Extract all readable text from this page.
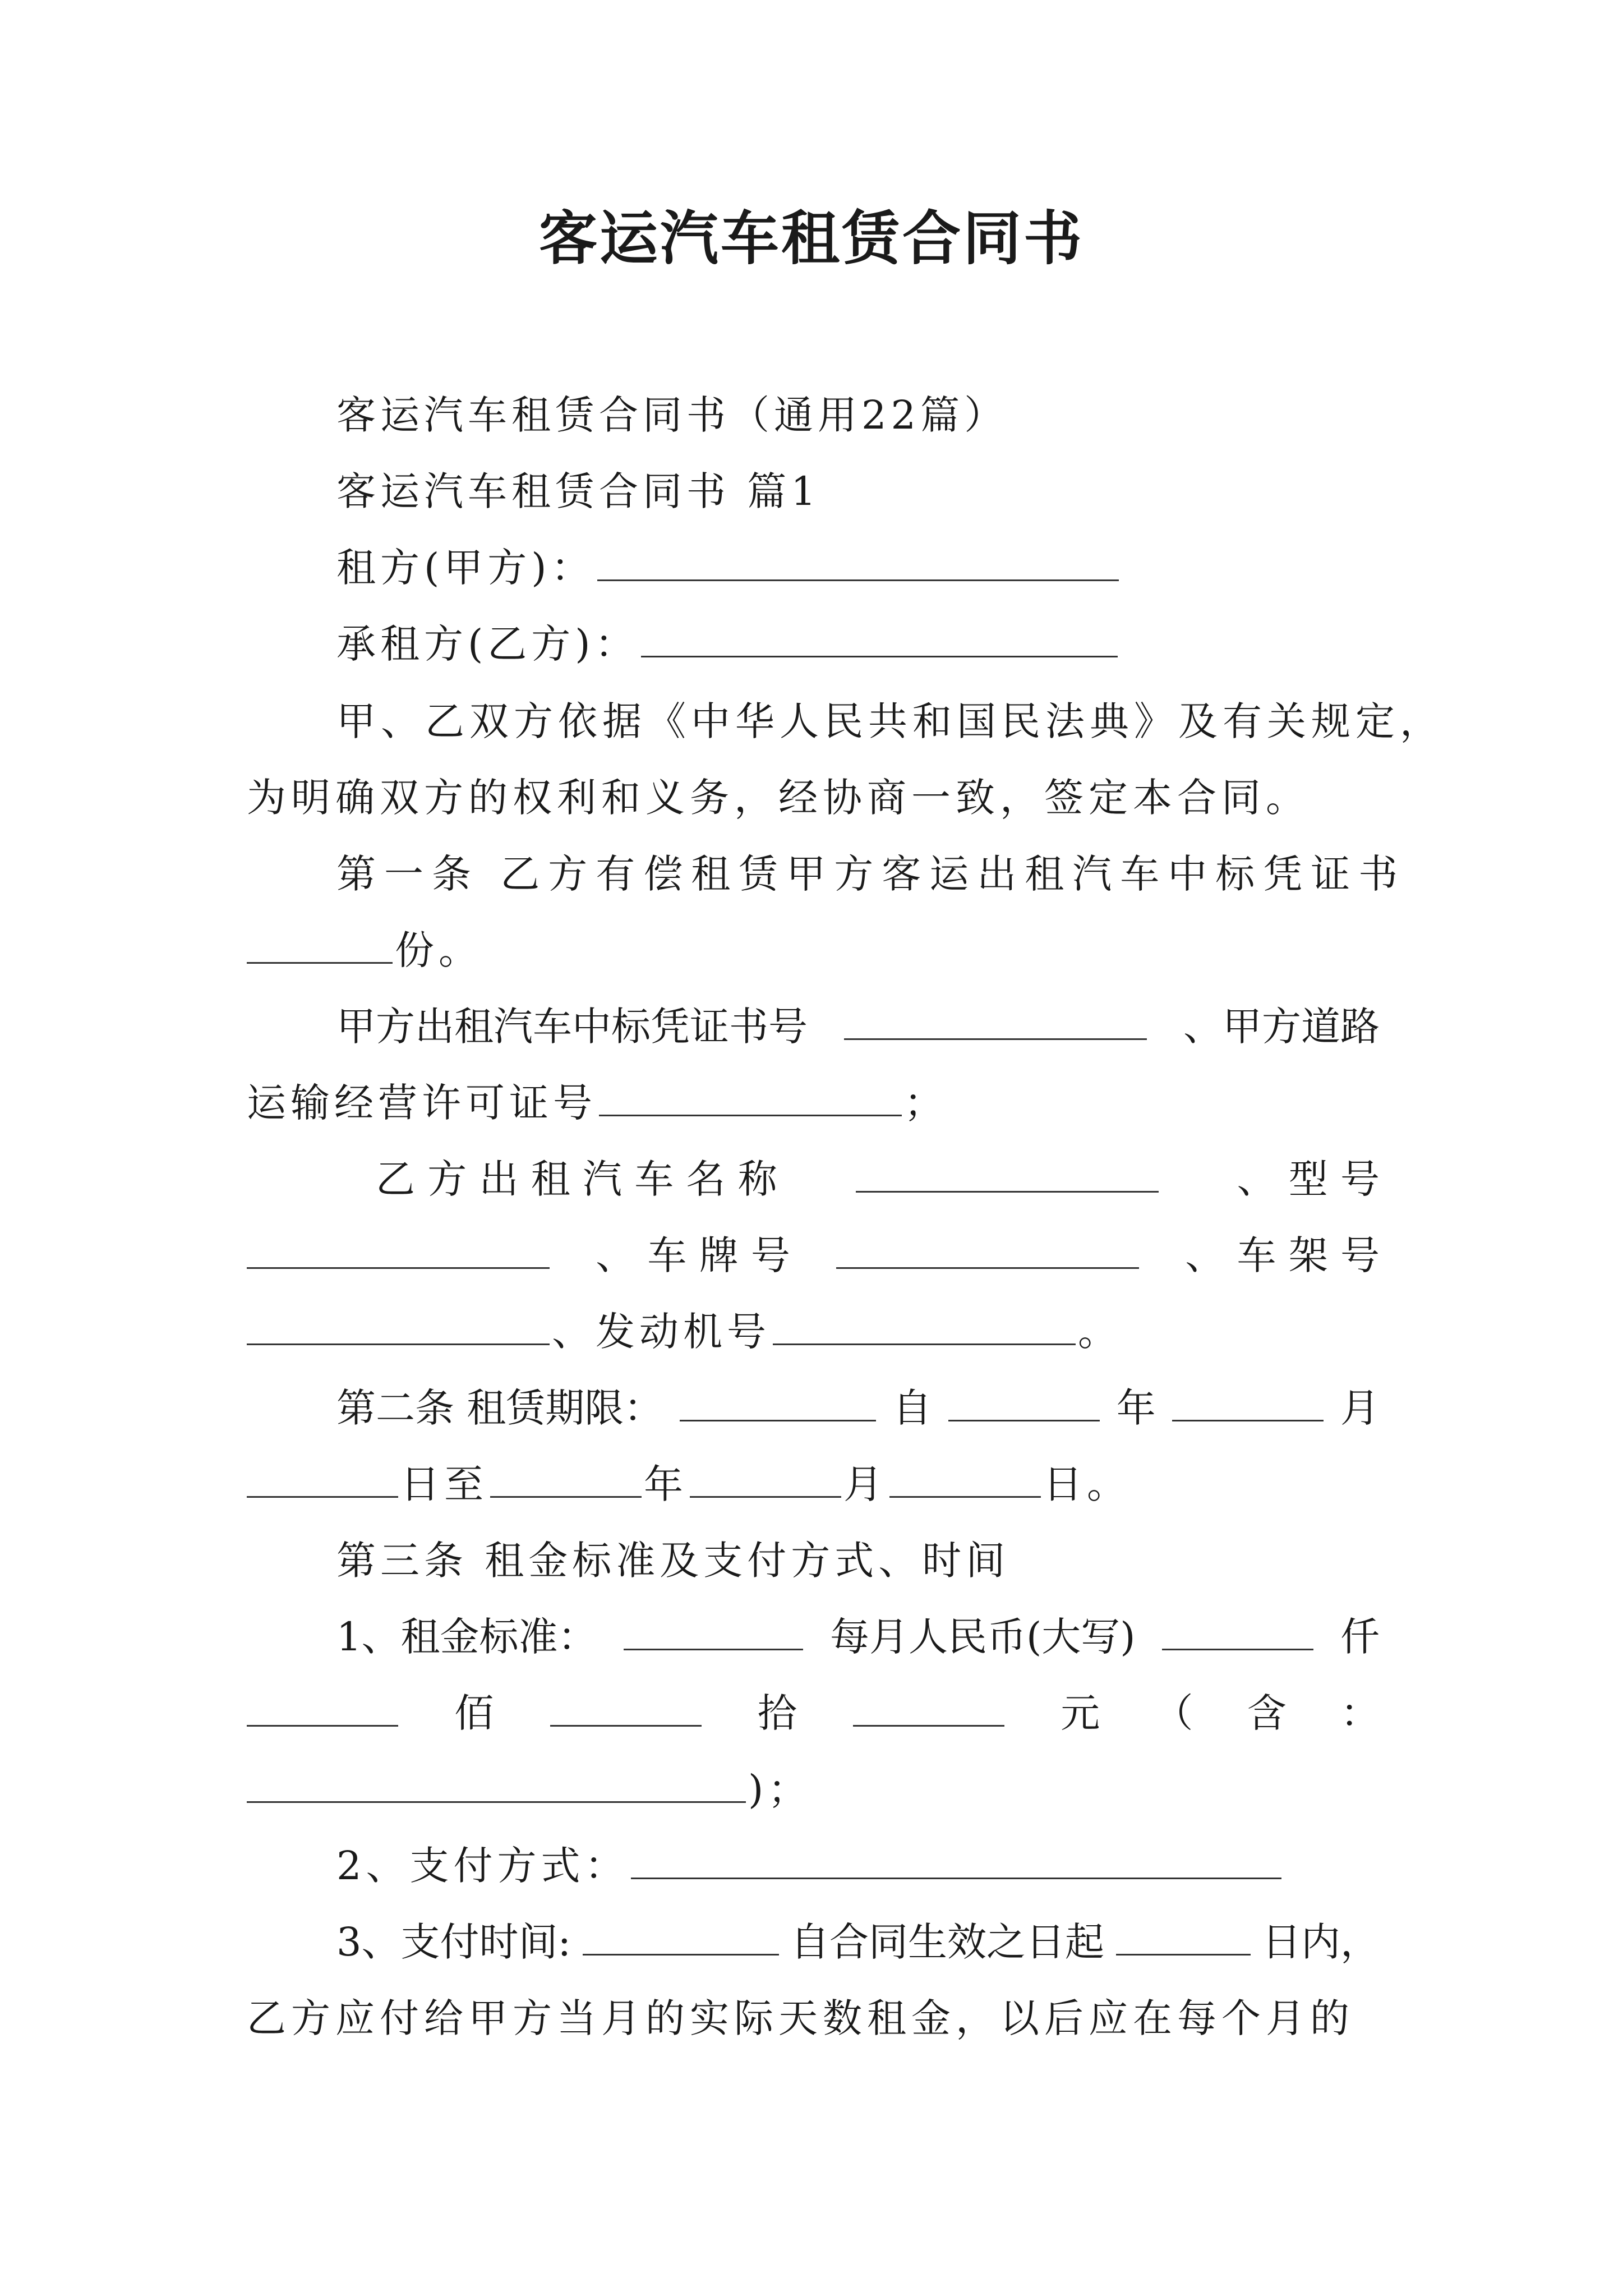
客运汽车租赁合同书
客运汽车租赁合同书（通用22篇）
客运汽车租赁合同书 篇1
租方(甲方)：
承租方(乙方)：
甲、乙双方依据《中华人民共和国民法典》及有关规定，
为明确双方的权利和义务，经协商一致，签定本合同。
第一条 乙方有偿租赁甲方客运出租汽车中标凭证书
份。
甲方出租汽车中标凭证书号	、甲方道路
运输经营许可证号	；
乙 方 出 租 汽 车 名 称	、 型 号
、 车 牌 号	、 车 架 号
、发动机号	。
第二条 租赁期限：	自	年	月
日至	年	月	日。
第三条 租金标准及支付方式、时间
1、租金标准：	每月人民币(大写)	仟
佰	拾	元 （ 含 ：
)；
2、支付方式：
3、支付时间:	自合同生效之日起	日内，
乙方应付给甲方当月的实际天数租金，以后应在每个月的
